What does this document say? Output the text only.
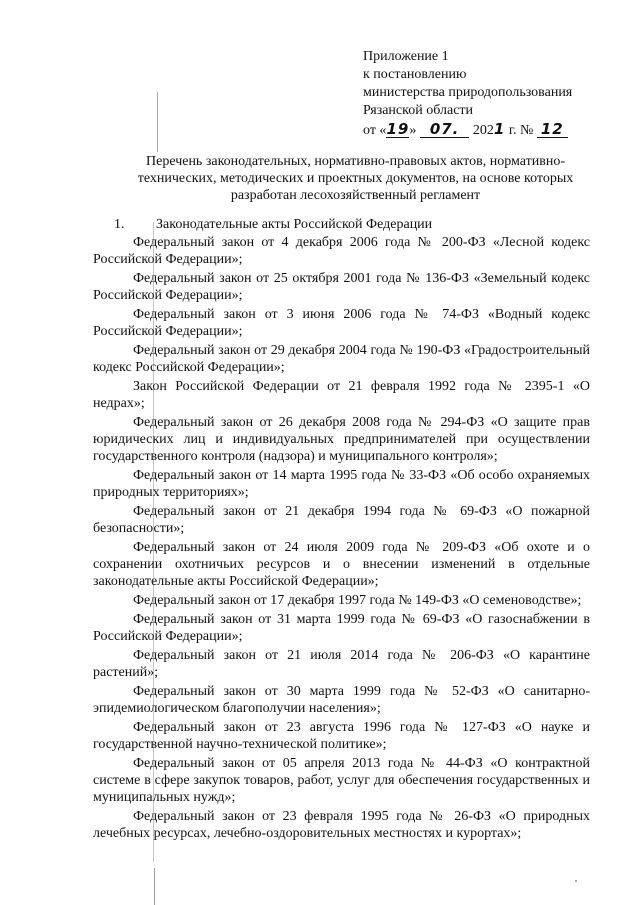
Приложение 1
к постановлению
министерства природопользования
Рязанской области
от «19» 07. 2021 г. № 12
Перечень законодательных, нормативно-правовых актов, нормативно-технических, методических и проектных документов, на основе которых разработан лесохозяйственный регламент
1. Законодательные акты Российской Федерации

Федеральный закон от 4 декабря 2006 года № 200-ФЗ «Лесной кодекс Российской Федерации»;

Федеральный закон от 25 октября 2001 года № 136-ФЗ «Земельный кодекс Российской Федерации»;

Федеральный закон от 3 июня 2006 года № 74-ФЗ «Водный кодекс Российской Федерации»;

Федеральный закон от 29 декабря 2004 года № 190-ФЗ «Градостроительный кодекс Российской Федерации»;

Закон Российской Федерации от 21 февраля 1992 года № 2395-1 «О недрах»;

Федеральный закон от 26 декабря 2008 года № 294-ФЗ «О защите прав юридических лиц и индивидуальных предпринимателей при осуществлении государственного контроля (надзора) и муниципального контроля»;

Федеральный закон от 14 марта 1995 года № 33-ФЗ «Об особо охраняемых природных территориях»;

Федеральный закон от 21 декабря 1994 года № 69-ФЗ «О пожарной безопасности»;

Федеральный закон от 24 июля 2009 года № 209-ФЗ «Об охоте и о сохранении охотничьих ресурсов и о внесении изменений в отдельные законодательные акты Российской Федерации»;

Федеральный закон от 17 декабря 1997 года № 149-ФЗ «О семеноводстве»;

Федеральный закон от 31 марта 1999 года № 69-ФЗ «О газоснабжении в Российской Федерации»;

Федеральный закон от 21 июля 2014 года № 206-ФЗ «О карантине растений»;

Федеральный закон от 30 марта 1999 года № 52-ФЗ «О санитарно-эпидемиологическом благополучии населения»;

Федеральный закон от 23 августа 1996 года № 127-ФЗ «О науке и государственной научно-технической политике»;

Федеральный закон от 05 апреля 2013 года № 44-ФЗ «О контрактной системе в сфере закупок товаров, работ, услуг для обеспечения государственных и муниципальных нужд»;

Федеральный закон от 23 февраля 1995 года № 26-ФЗ «О природных лечебных ресурсах, лечебно-оздоровительных местностях и курортах»;
